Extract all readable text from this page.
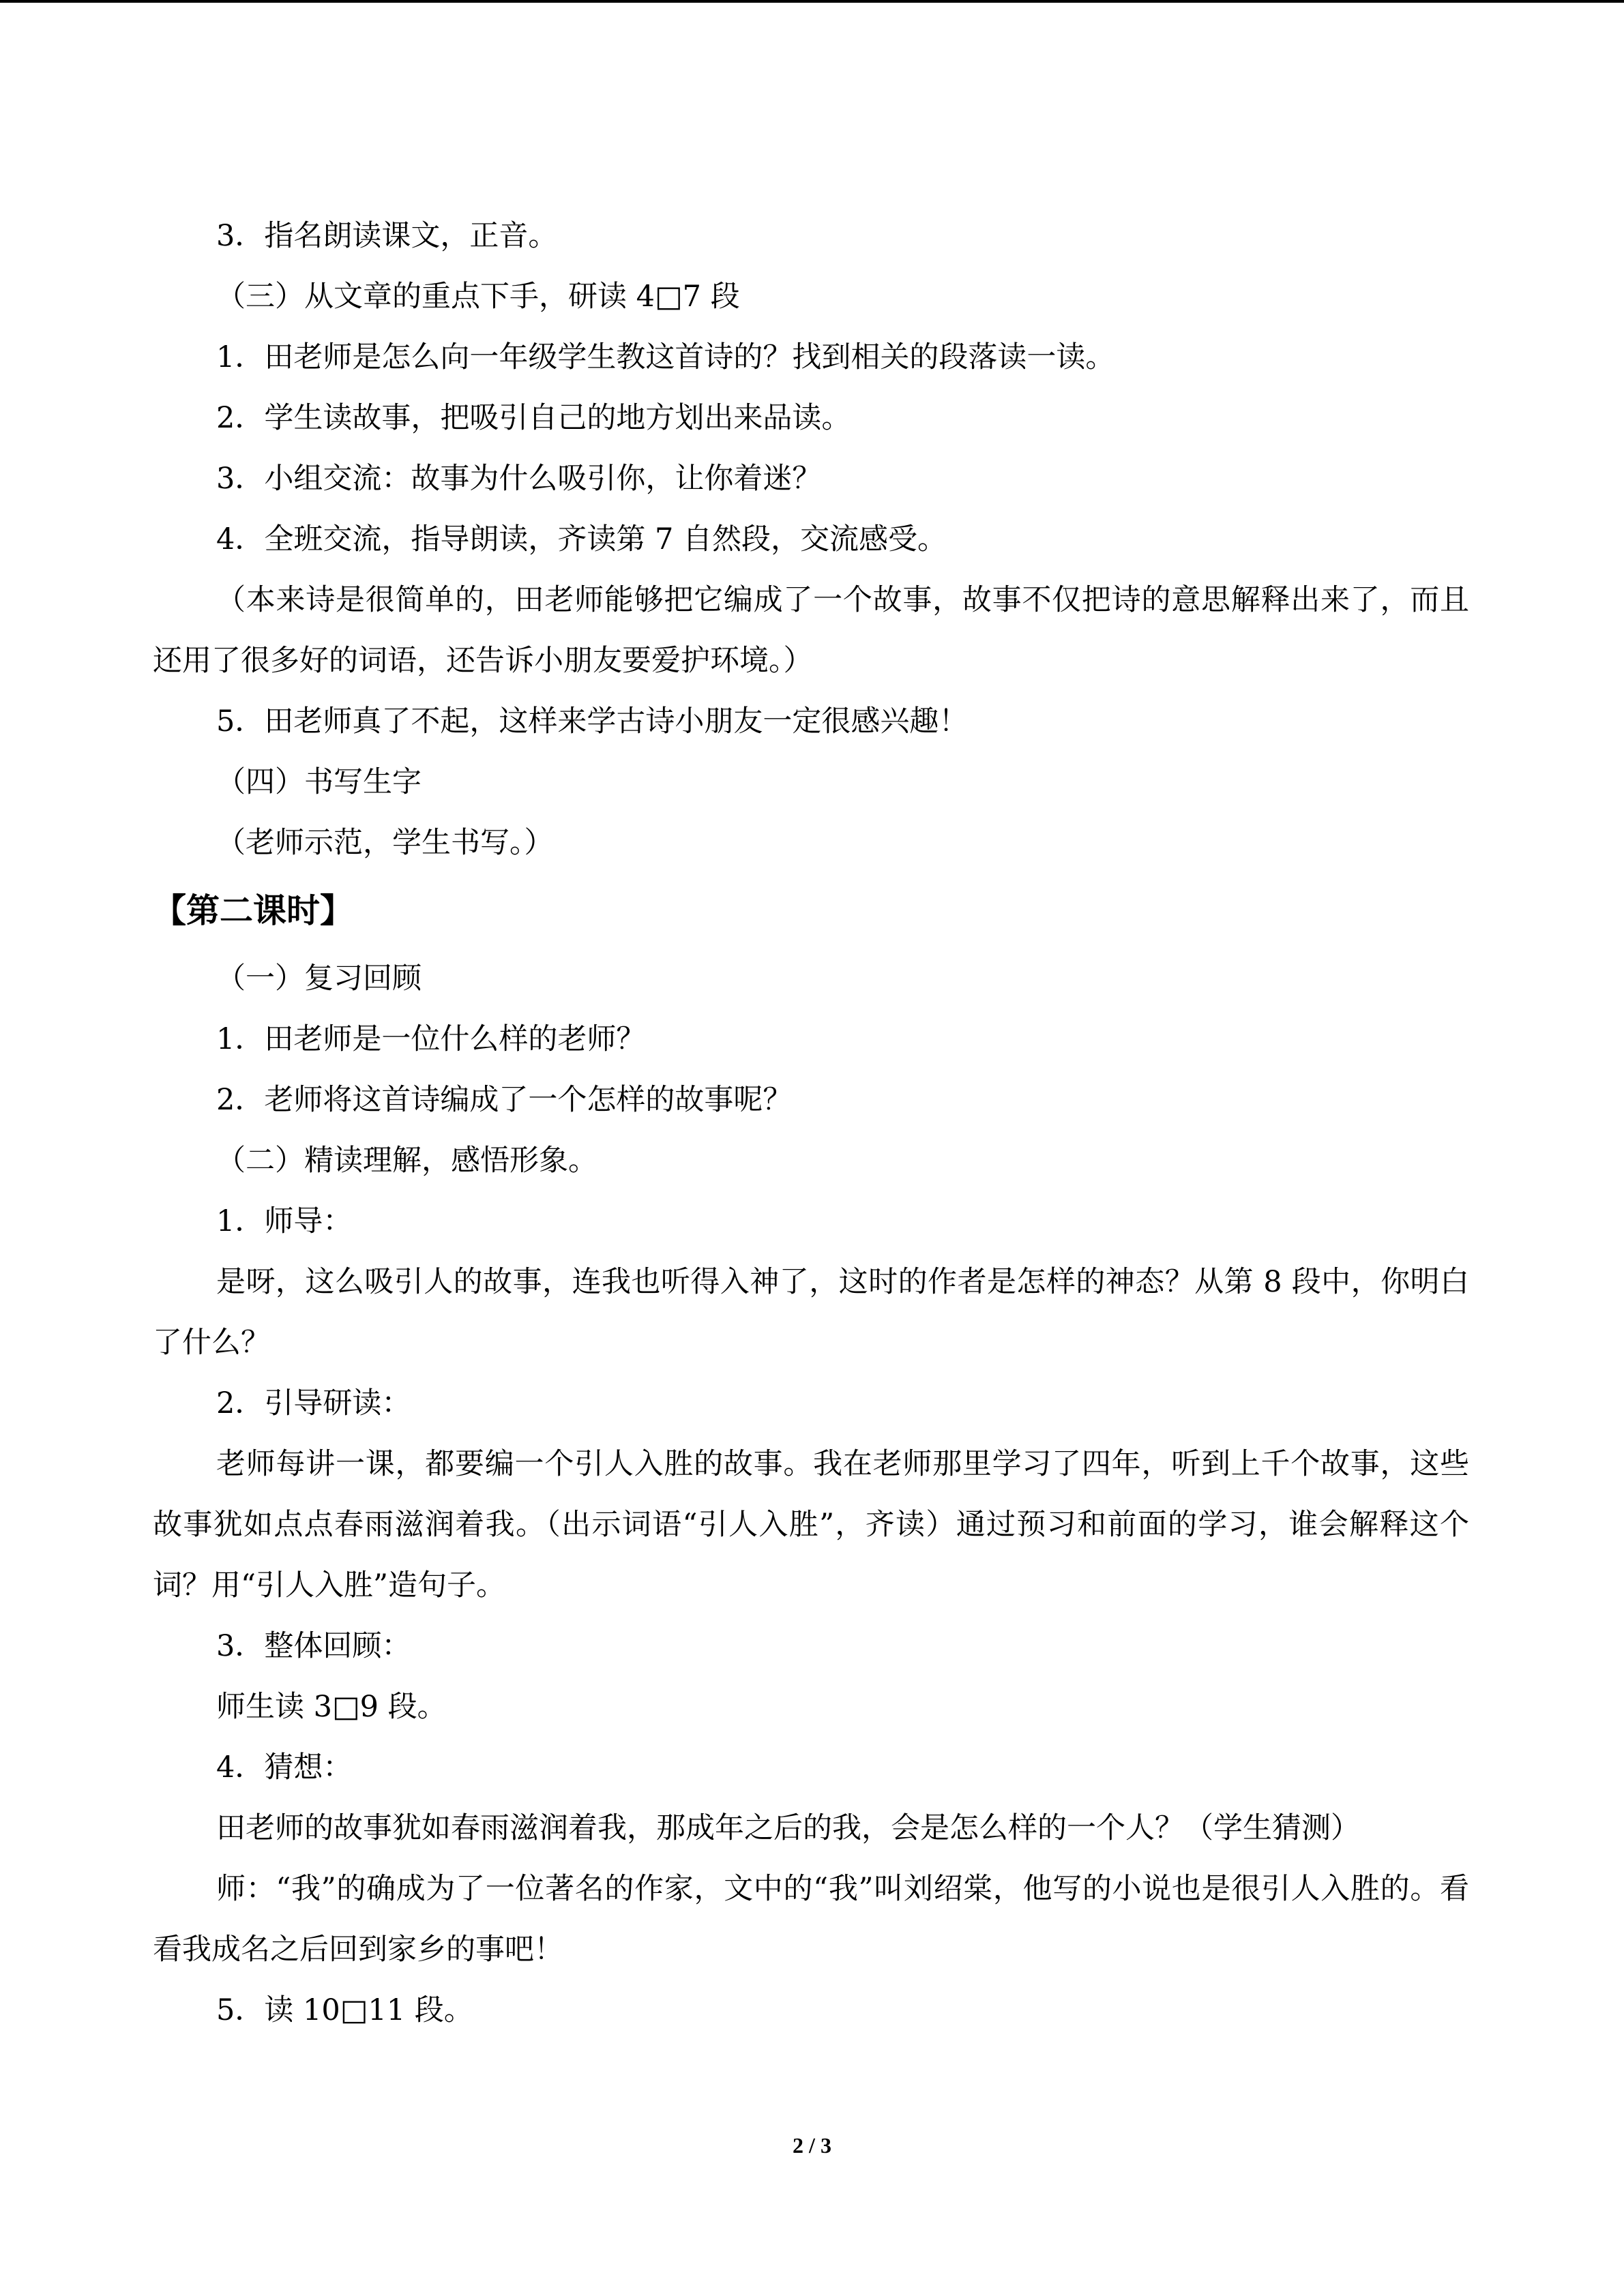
3．指名朗读课文，正音。

（三）从文章的重点下手，研读 4□7 段

1．田老师是怎么向一年级学生教这首诗的？找到相关的段落读一读。

2．学生读故事，把吸引自己的地方划出来品读。

3．小组交流：故事为什么吸引你，让你着迷？

4．全班交流，指导朗读，齐读第 7 自然段，交流感受。

（本来诗是很简单的，田老师能够把它编成了一个故事，故事不仅把诗的意思解释出来了，而且还用了很多好的词语，还告诉小朋友要爱护环境。）

5．田老师真了不起，这样来学古诗小朋友一定很感兴趣！

（四）书写生字

（老师示范，学生书写。）

【第二课时】

（一）复习回顾

1．田老师是一位什么样的老师？

2．老师将这首诗编成了一个怎样的故事呢？

（二）精读理解，感悟形象。

1．师导：

是呀，这么吸引人的故事，连我也听得入神了，这时的作者是怎样的神态？从第 8 段中，你明白了什么？

2．引导研读：

老师每讲一课，都要编一个引人入胜的故事。我在老师那里学习了四年，听到上千个故事，这些故事犹如点点春雨滋润着我。（出示词语“引人入胜”，齐读）通过预习和前面的学习，谁会解释这个词？用“引人入胜”造句子。

3．整体回顾：

师生读 3□9 段。

4．猜想：

田老师的故事犹如春雨滋润着我，那成年之后的我，会是怎么样的一个人？（学生猜测）

师：“我”的确成为了一位著名的作家，文中的“我”叫刘绍棠，他写的小说也是很引人入胜的。看看我成名之后回到家乡的事吧！

5．读 10□11 段。

2 / 3
